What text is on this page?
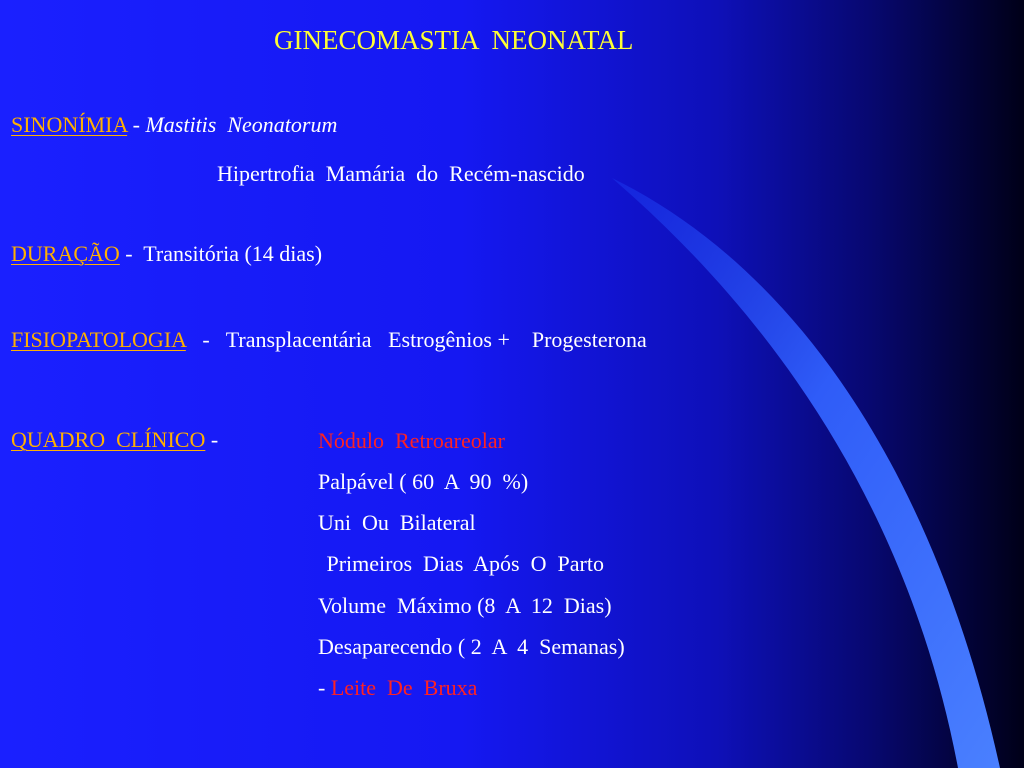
GINECOMASTIA  NEONATAL
SINONÍMIA - Mastitis  Neonatorum
Hipertrofia  Mamária  do  Recém-nascido
DURAÇÃO -  Transitória (14 dias)
FISIOPATOLOGIA   -   Transplacentária   Estrogênios +    Progesterona
QUADRO  CLÍNICO -	Nódulo  Retroareolar
Palpável ( 60  A  90  %)
Uni  Ou  Bilateral
Primeiros  Dias  Após  O  Parto
Volume  Máximo (8  A  12  Dias)
Desaparecendo ( 2  A  4  Semanas)
- Leite  De  Bruxa
